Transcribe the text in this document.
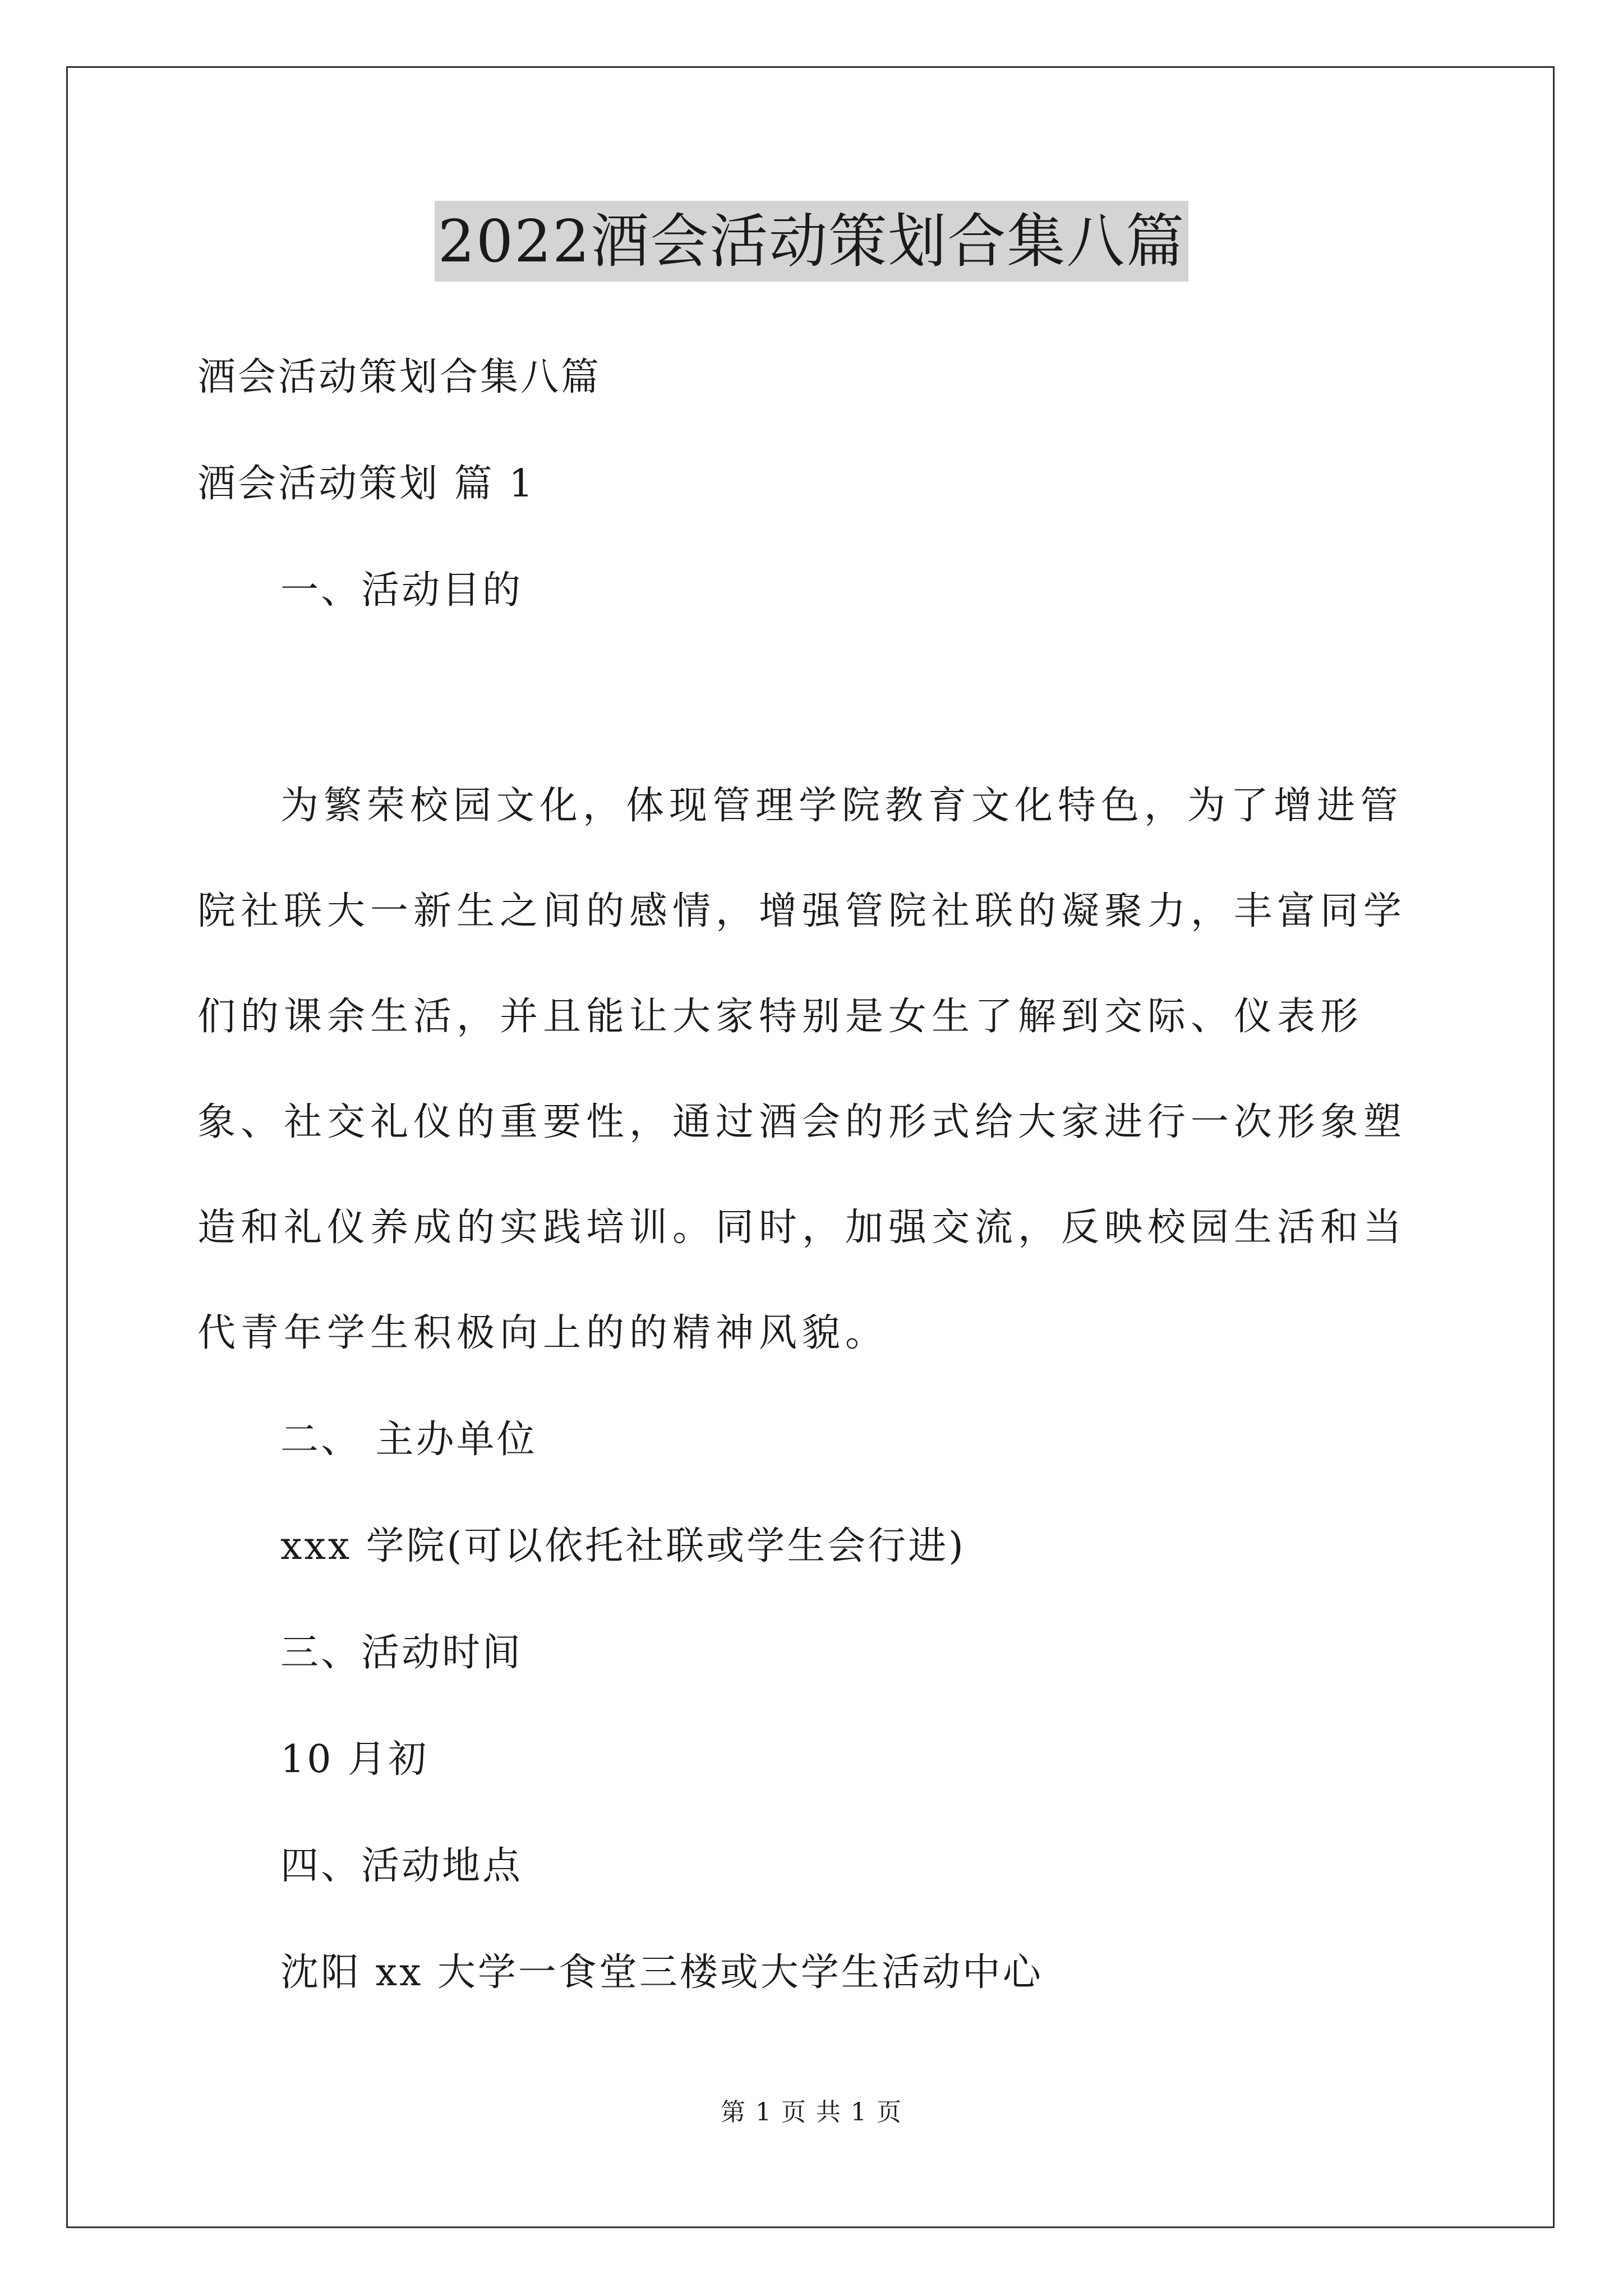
2022酒会活动策划合集八篇
酒会活动策划合集八篇
酒会活动策划 篇 1
一、活动目的
为繁荣校园文化，体现管理学院教育文化特色，为了增进管院社联大一新生之间的感情，增强管院社联的凝聚力，丰富同学们的课余生活，并且能让大家特别是女生了解到交际、仪表形象、社交礼仪的重要性，通过酒会的形式给大家进行一次形象塑造和礼仪养成的实践培训。同时，加强交流，反映校园生活和当代青年学生积极向上的的精神风貌。
二、 主办单位
xxx 学院(可以依托社联或学生会行进)
三、活动时间
10 月初
四、活动地点
沈阳 xx 大学一食堂三楼或大学生活动中心
第 1 页 共 1 页
